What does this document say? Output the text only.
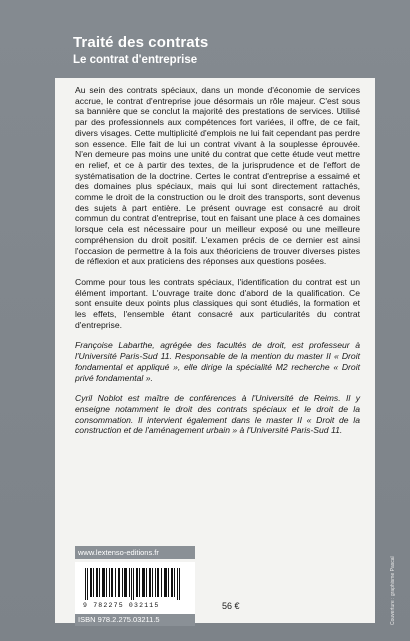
Traité des contrats
Le contrat d'entreprise

Au sein des contrats spéciaux, dans un monde d'économie de services accrue, le contrat d'entreprise joue désormais un rôle majeur. C'est sous sa bannière que se conclut la majorité des prestations de services. Utilisé par des professionnels aux compétences fort variées, il offre, de ce fait, divers visages. Cette multiplicité d'emplois ne lui fait cependant pas perdre son essence. Elle fait de lui un contrat vivant à la souplesse éprouvée. N'en demeure pas moins une unité du contrat que cette étude veut mettre en relief, et ce à partir des textes, de la jurisprudence et de l'effort de systématisation de la doctrine. Certes le contrat d'entreprise a essaimé et des domaines plus spéciaux, mais qui lui sont directement rattachés, comme le droit de la construction ou le droit des transports, sont devenus des sujets à part entière. Le présent ouvrage est consacré au droit commun du contrat d'entreprise, tout en faisant une place à ces domaines lorsque cela est nécessaire pour un meilleur exposé ou une meilleure compréhension du droit positif. L'examen précis de ce dernier est ainsi l'occasion de permettre à la fois aux théoriciens de trouver diverses pistes de réflexion et aux praticiens des réponses aux questions posées.

Comme pour tous les contrats spéciaux, l'identification du contrat est un élément important. L'ouvrage traite donc d'abord de la qualification. Ce sont ensuite deux points plus classiques qui sont étudiés, la formation et les effets, l'ensemble étant consacré aux particularités du contrat d'entreprise.

Françoise Labarthe, agrégée des facultés de droit, est professeur à l'Université Paris-Sud 11. Responsable de la mention du master II « Droit fondamental et appliqué », elle dirige la spécialité M2 recherche « Droit privé fondamental ».

Cyril Noblot est maître de conférences à l'Université de Reims. Il y enseigne notamment le droit des contrats spéciaux et le droit de la consommation. Il intervient également dans le master II « Droit de la construction et de l'aménagement urbain » à l'Université Paris-Sud 11.

www.lextenso-editions.fr
9 782275 032115
ISBN 978.2.275.03211.5
56 €	Couverture : graphisme Pascal
